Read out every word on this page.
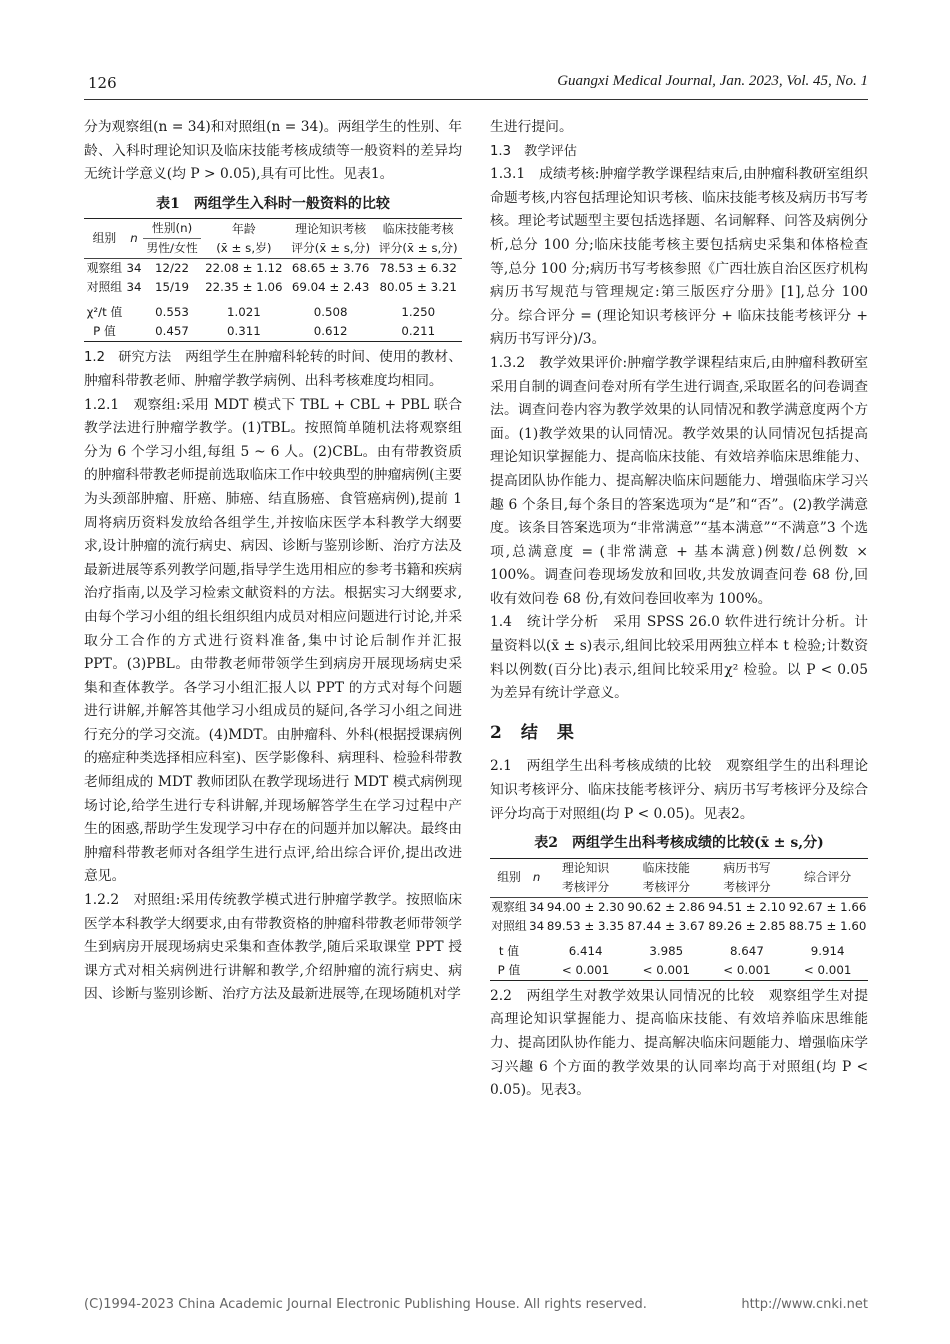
126	Guangxi Medical Journal, Jan. 2023, Vol. 45, No. 1

分为观察组(n = 34)和对照组(n = 34)。两组学生的性别、年龄、入科时理论知识及临床技能考核成绩等一般资料的差异均无统计学意义(均 P > 0.05),具有可比性。见表1。

表1　两组学生入科时一般资料的比较
组别	n	性别(n)	年龄	理论知识考核	临床技能考核
		男性/女性	(x̄ ± s,岁)	评分(x̄ ± s,分)	评分(x̄ ± s,分)
观察组	34	12/22	22.08 ± 1.12	68.65 ± 3.76	78.53 ± 6.32
对照组	34	15/19	22.35 ± 1.06	69.04 ± 2.43	80.05 ± 3.21
χ²/t 值		0.553	1.021	0.508	1.250
P 值		0.457	0.311	0.612	0.211

1.2　研究方法　两组学生在肿瘤科轮转的时间、使用的教材、肿瘤科带教老师、肿瘤学教学病例、出科考核难度均相同。

1.2.1　观察组:采用 MDT 模式下 TBL + CBL + PBL 联合教学法进行肿瘤学教学。(1)TBL。按照简单随机法将观察组分为 6 个学习小组,每组 5 ~ 6 人。(2)CBL。由有带教资质的肿瘤科带教老师提前选取临床工作中较典型的肿瘤病例(主要为头颈部肿瘤、肝癌、肺癌、结直肠癌、食管癌病例),提前 1 周将病历资料发放给各组学生,并按临床医学本科教学大纲要求,设计肿瘤的流行病史、病因、诊断与鉴别诊断、治疗方法及最新进展等系列教学问题,指导学生选用相应的参考书籍和疾病治疗指南,以及学习检索文献资料的方法。根据实习大纲要求,由每个学习小组的组长组织组内成员对相应问题进行讨论,并采取分工合作的方式进行资料准备,集中讨论后制作并汇报 PPT。(3)PBL。由带教老师带领学生到病房开展现场病史采集和查体教学。各学习小组汇报人以 PPT 的方式对每个问题进行讲解,并解答其他学习小组成员的疑问,各学习小组之间进行充分的学习交流。(4)MDT。由肿瘤科、外科(根据授课病例的癌症种类选择相应科室)、医学影像科、病理科、检验科带教老师组成的 MDT 教师团队在教学现场进行 MDT 模式病例现场讨论,给学生进行专科讲解,并现场解答学生在学习过程中产生的困惑,帮助学生发现学习中存在的问题并加以解决。最终由肿瘤科带教老师对各组学生进行点评,给出综合评价,提出改进意见。

1.2.2　对照组:采用传统教学模式进行肿瘤学教学。按照临床医学本科教学大纲要求,由有带教资格的肿瘤科带教老师带领学生到病房开展现场病史采集和查体教学,随后采取课堂 PPT 授课方式对相关病例进行讲解和教学,介绍肿瘤的流行病史、病因、诊断与鉴别诊断、治疗方法及最新进展等,在现场随机对学

生进行提问。

1.3　教学评估

1.3.1　成绩考核:肿瘤学教学课程结束后,由肿瘤科教研室组织命题考核,内容包括理论知识考核、临床技能考核及病历书写考核。理论考试题型主要包括选择题、名词解释、问答及病例分析,总分 100 分;临床技能考核主要包括病史采集和体格检查等,总分 100 分;病历书写考核参照《广西壮族自治区医疗机构病历书写规范与管理规定:第三版医疗分册》[1],总分 100 分。综合评分 = (理论知识考核评分 + 临床技能考核评分 + 病历书写评分)/3。

1.3.2　教学效果评价:肿瘤学教学课程结束后,由肿瘤科教研室采用自制的调查问卷对所有学生进行调查,采取匿名的问卷调查法。调查问卷内容为教学效果的认同情况和教学满意度两个方面。(1)教学效果的认同情况。教学效果的认同情况包括提高理论知识掌握能力、提高临床技能、有效培养临床思维能力、提高团队协作能力、提高解决临床问题能力、增强临床学习兴趣 6 个条目,每个条目的答案选项为“是”和“否”。(2)教学满意度。该条目答案选项为“非常满意”“基本满意”“不满意”3 个选项,总满意度 = (非常满意 + 基本满意)例数/总例数 × 100%。调查问卷现场发放和回收,共发放调查问卷 68 份,回收有效问卷 68 份,有效问卷回收率为 100%。

1.4　统计学分析　采用 SPSS 26.0 软件进行统计分析。计量资料以(x̄ ± s)表示,组间比较采用两独立样本 t 检验;计数资料以例数(百分比)表示,组间比较采用χ² 检验。以 P < 0.05 为差异有统计学意义。

2　结　果

2.1　两组学生出科考核成绩的比较　观察组学生的出科理论知识考核评分、临床技能考核评分、病历书写考核评分及综合评分均高于对照组(均 P < 0.05)。见表2。

表2　两组学生出科考核成绩的比较(x̄ ± s,分)
组别	n	理论知识	临床技能	病历书写	综合评分
		考核评分	考核评分	考核评分	
观察组	34	94.00 ± 2.30	90.62 ± 2.86	94.51 ± 2.10	92.67 ± 1.66
对照组	34	89.53 ± 3.35	87.44 ± 3.67	89.26 ± 2.85	88.75 ± 1.60
t 值		6.414	3.985	8.647	9.914
P 值		< 0.001	< 0.001	< 0.001	< 0.001

2.2　两组学生对教学效果认同情况的比较　观察组学生对提高理论知识掌握能力、提高临床技能、有效培养临床思维能力、提高团队协作能力、提高解决临床问题能力、增强临床学习兴趣 6 个方面的教学效果的认同率均高于对照组(均 P < 0.05)。见表3。

(C)1994-2023 China Academic Journal Electronic Publishing House. All rights reserved.	http://www.cnki.net
